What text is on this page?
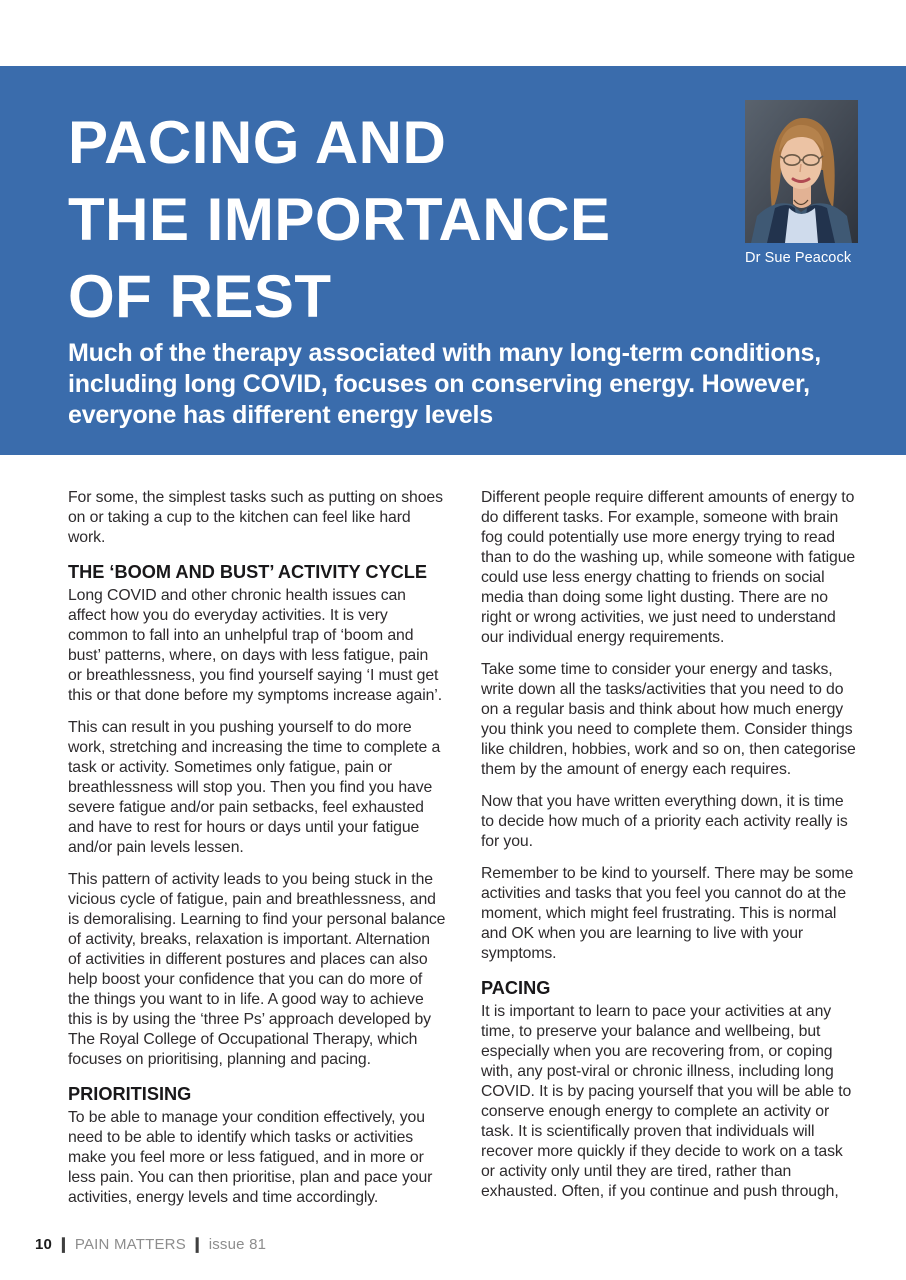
PACING AND
THE IMPORTANCE
OF REST
Dr Sue Peacock

Much of the therapy associated with many long-term conditions, including long COVID, focuses on conserving energy. However, everyone has different energy levels

For some, the simplest tasks such as putting on shoes on or taking a cup to the kitchen can feel like hard work.

THE ‘BOOM AND BUST’ ACTIVITY CYCLE

Long COVID and other chronic health issues can affect how you do everyday activities. It is very common to fall into an unhelpful trap of ‘boom and bust’ patterns, where, on days with less fatigue, pain or breathlessness, you find yourself saying ‘I must get this or that done before my symptoms increase again’.

This can result in you pushing yourself to do more work, stretching and increasing the time to complete a task or activity. Sometimes only fatigue, pain or breathlessness will stop you. Then you find you have severe fatigue and/or pain setbacks, feel exhausted and have to rest for hours or days until your fatigue and/or pain levels lessen.

This pattern of activity leads to you being stuck in the vicious cycle of fatigue, pain and breathlessness, and is demoralising. Learning to find your personal balance of activity, breaks, relaxation is important. Alternation of activities in different postures and places can also help boost your confidence that you can do more of the things you want to in life. A good way to achieve this is by using the ‘three Ps’ approach developed by The Royal College of Occupational Therapy, which focuses on prioritising, planning and pacing.

PRIORITISING

To be able to manage your condition effectively, you need to be able to identify which tasks or activities make you feel more or less fatigued, and in more or less pain. You can then prioritise, plan and pace your activities, energy levels and time accordingly.

Different people require different amounts of energy to do different tasks. For example, someone with brain fog could potentially use more energy trying to read than to do the washing up, while someone with fatigue could use less energy chatting to friends on social media than doing some light dusting. There are no right or wrong activities, we just need to understand our individual energy requirements.

Take some time to consider your energy and tasks, write down all the tasks/activities that you need to do on a regular basis and think about how much energy you think you need to complete them. Consider things like children, hobbies, work and so on, then categorise them by the amount of energy each requires.

Now that you have written everything down, it is time to decide how much of a priority each activity really is for you.

Remember to be kind to yourself. There may be some activities and tasks that you feel you cannot do at the moment, which might feel frustrating. This is normal and OK when you are learning to live with your symptoms.

PACING

It is important to learn to pace your activities at any time, to preserve your balance and wellbeing, but especially when you are recovering from, or coping with, any post-viral or chronic illness, including long COVID. It is by pacing yourself that you will be able to conserve enough energy to complete an activity or task. It is scientifically proven that individuals will recover more quickly if they decide to work on a task or activity only until they are tired, rather than exhausted. Often, if you continue and push through,

10 ❙ PAIN MATTERS ❙ issue 81
